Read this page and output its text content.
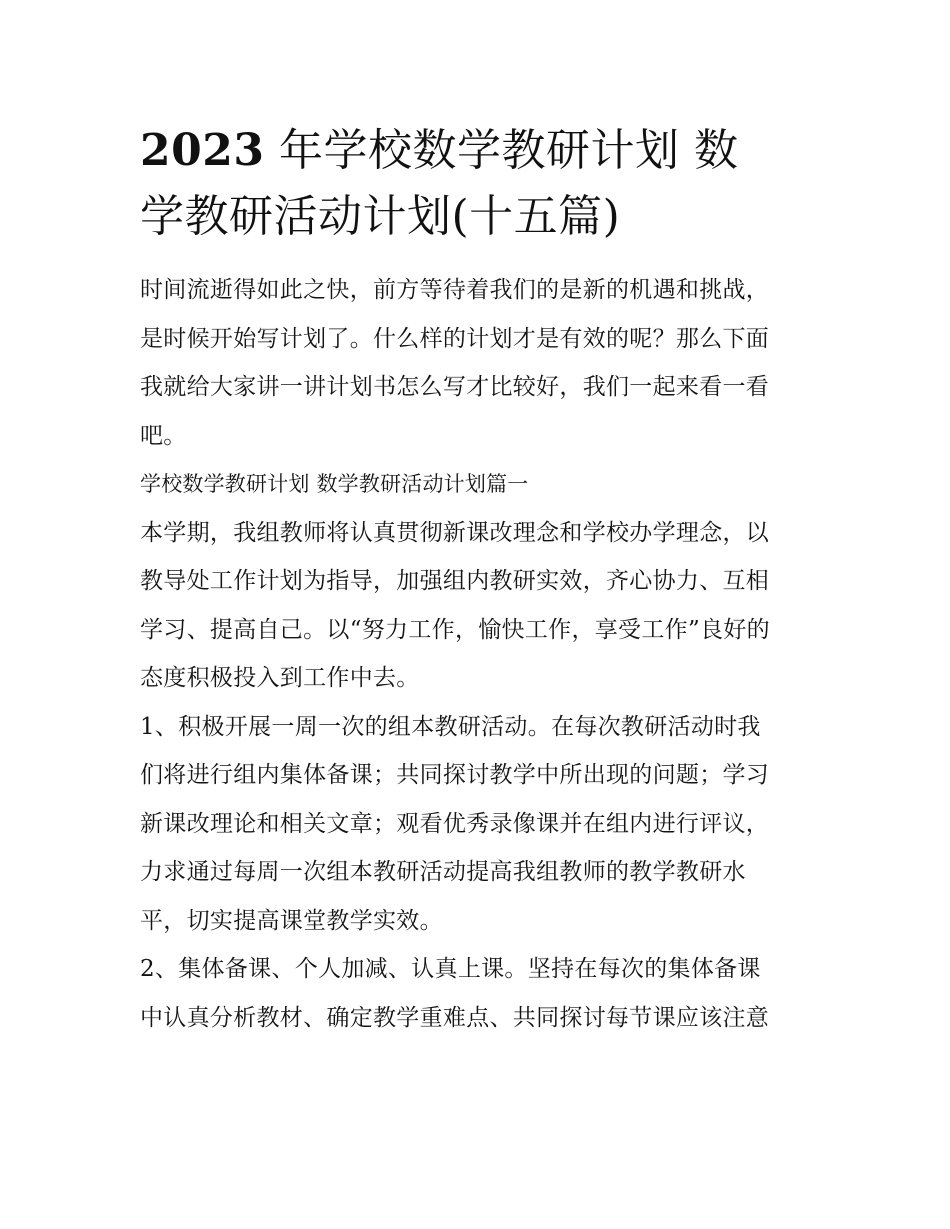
2023 年学校数学教研计划 数
学教研活动计划(十五篇)

时间流逝得如此之快，前方等待着我们的是新的机遇和挑战，
是时候开始写计划了。什么样的计划才是有效的呢？那么下面
我就给大家讲一讲计划书怎么写才比较好，我们一起来看一看
吧。

学校数学教研计划 数学教研活动计划篇一

本学期，我组教师将认真贯彻新课改理念和学校办学理念，以
教导处工作计划为指导，加强组内教研实效，齐心协力、互相
学习、提高自己。以“努力工作，愉快工作，享受工作”良好的
态度积极投入到工作中去。

1、积极开展一周一次的组本教研活动。在每次教研活动时我
们将进行组内集体备课；共同探讨教学中所出现的问题；学习
新课改理论和相关文章；观看优秀录像课并在组内进行评议，
力求通过每周一次组本教研活动提高我组教师的教学教研水
平，切实提高课堂教学实效。

2、集体备课、个人加减、认真上课。坚持在每次的集体备课
中认真分析教材、确定教学重难点、共同探讨每节课应该注意
